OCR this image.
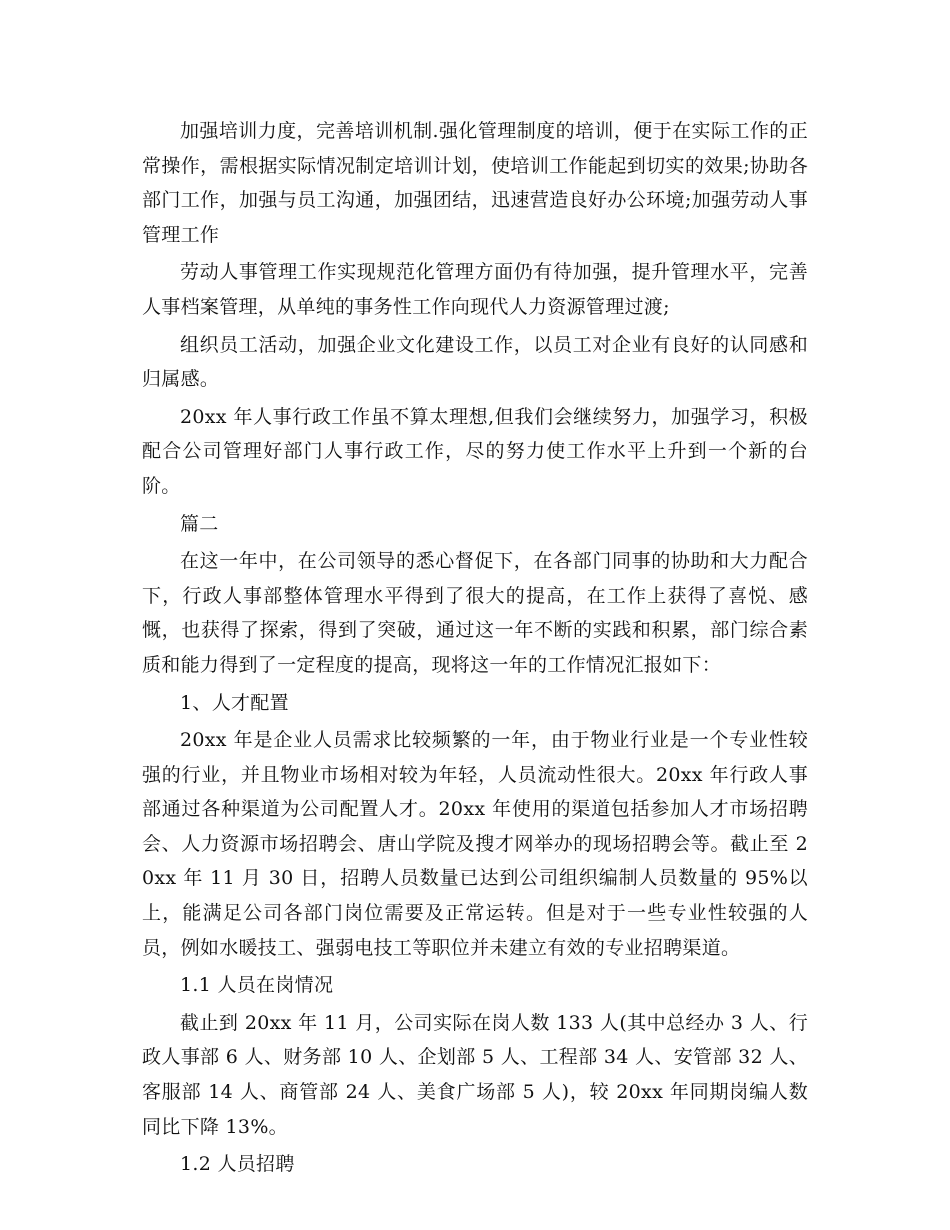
加强培训力度，完善培训机制.强化管理制度的培训，便于在实际工作的正常操作，需根据实际情况制定培训计划，使培训工作能起到切实的效果;协助各部门工作，加强与员工沟通，加强团结，迅速营造良好办公环境;加强劳动人事管理工作

劳动人事管理工作实现规范化管理方面仍有待加强，提升管理水平，完善人事档案管理，从单纯的事务性工作向现代人力资源管理过渡;

组织员工活动，加强企业文化建设工作，以员工对企业有良好的认同感和归属感。

20xx 年人事行政工作虽不算太理想,但我们会继续努力，加强学习，积极配合公司管理好部门人事行政工作，尽的努力使工作水平上升到一个新的台阶。

篇二

在这一年中，在公司领导的悉心督促下，在各部门同事的协助和大力配合下，行政人事部整体管理水平得到了很大的提高，在工作上获得了喜悦、感慨，也获得了探索，得到了突破，通过这一年不断的实践和积累，部门综合素质和能力得到了一定程度的提高，现将这一年的工作情况汇报如下：

1、人才配置

20xx 年是企业人员需求比较频繁的一年，由于物业行业是一个专业性较强的行业，并且物业市场相对较为年轻，人员流动性很大。20xx 年行政人事部通过各种渠道为公司配置人才。20xx 年使用的渠道包括参加人才市场招聘会、人力资源市场招聘会、唐山学院及搜才网举办的现场招聘会等。截止至 20xx 年 11 月 30 日，招聘人员数量已达到公司组织编制人员数量的 95%以上，能满足公司各部门岗位需要及正常运转。但是对于一些专业性较强的人员，例如水暖技工、强弱电技工等职位并未建立有效的专业招聘渠道。

1.1 人员在岗情况

截止到 20xx 年 11 月，公司实际在岗人数 133 人(其中总经办 3 人、行政人事部 6 人、财务部 10 人、企划部 5 人、工程部 34 人、安管部 32 人、客服部 14 人、商管部 24 人、美食广场部 5 人)，较 20xx 年同期岗编人数同比下降 13%。

1.2 人员招聘
